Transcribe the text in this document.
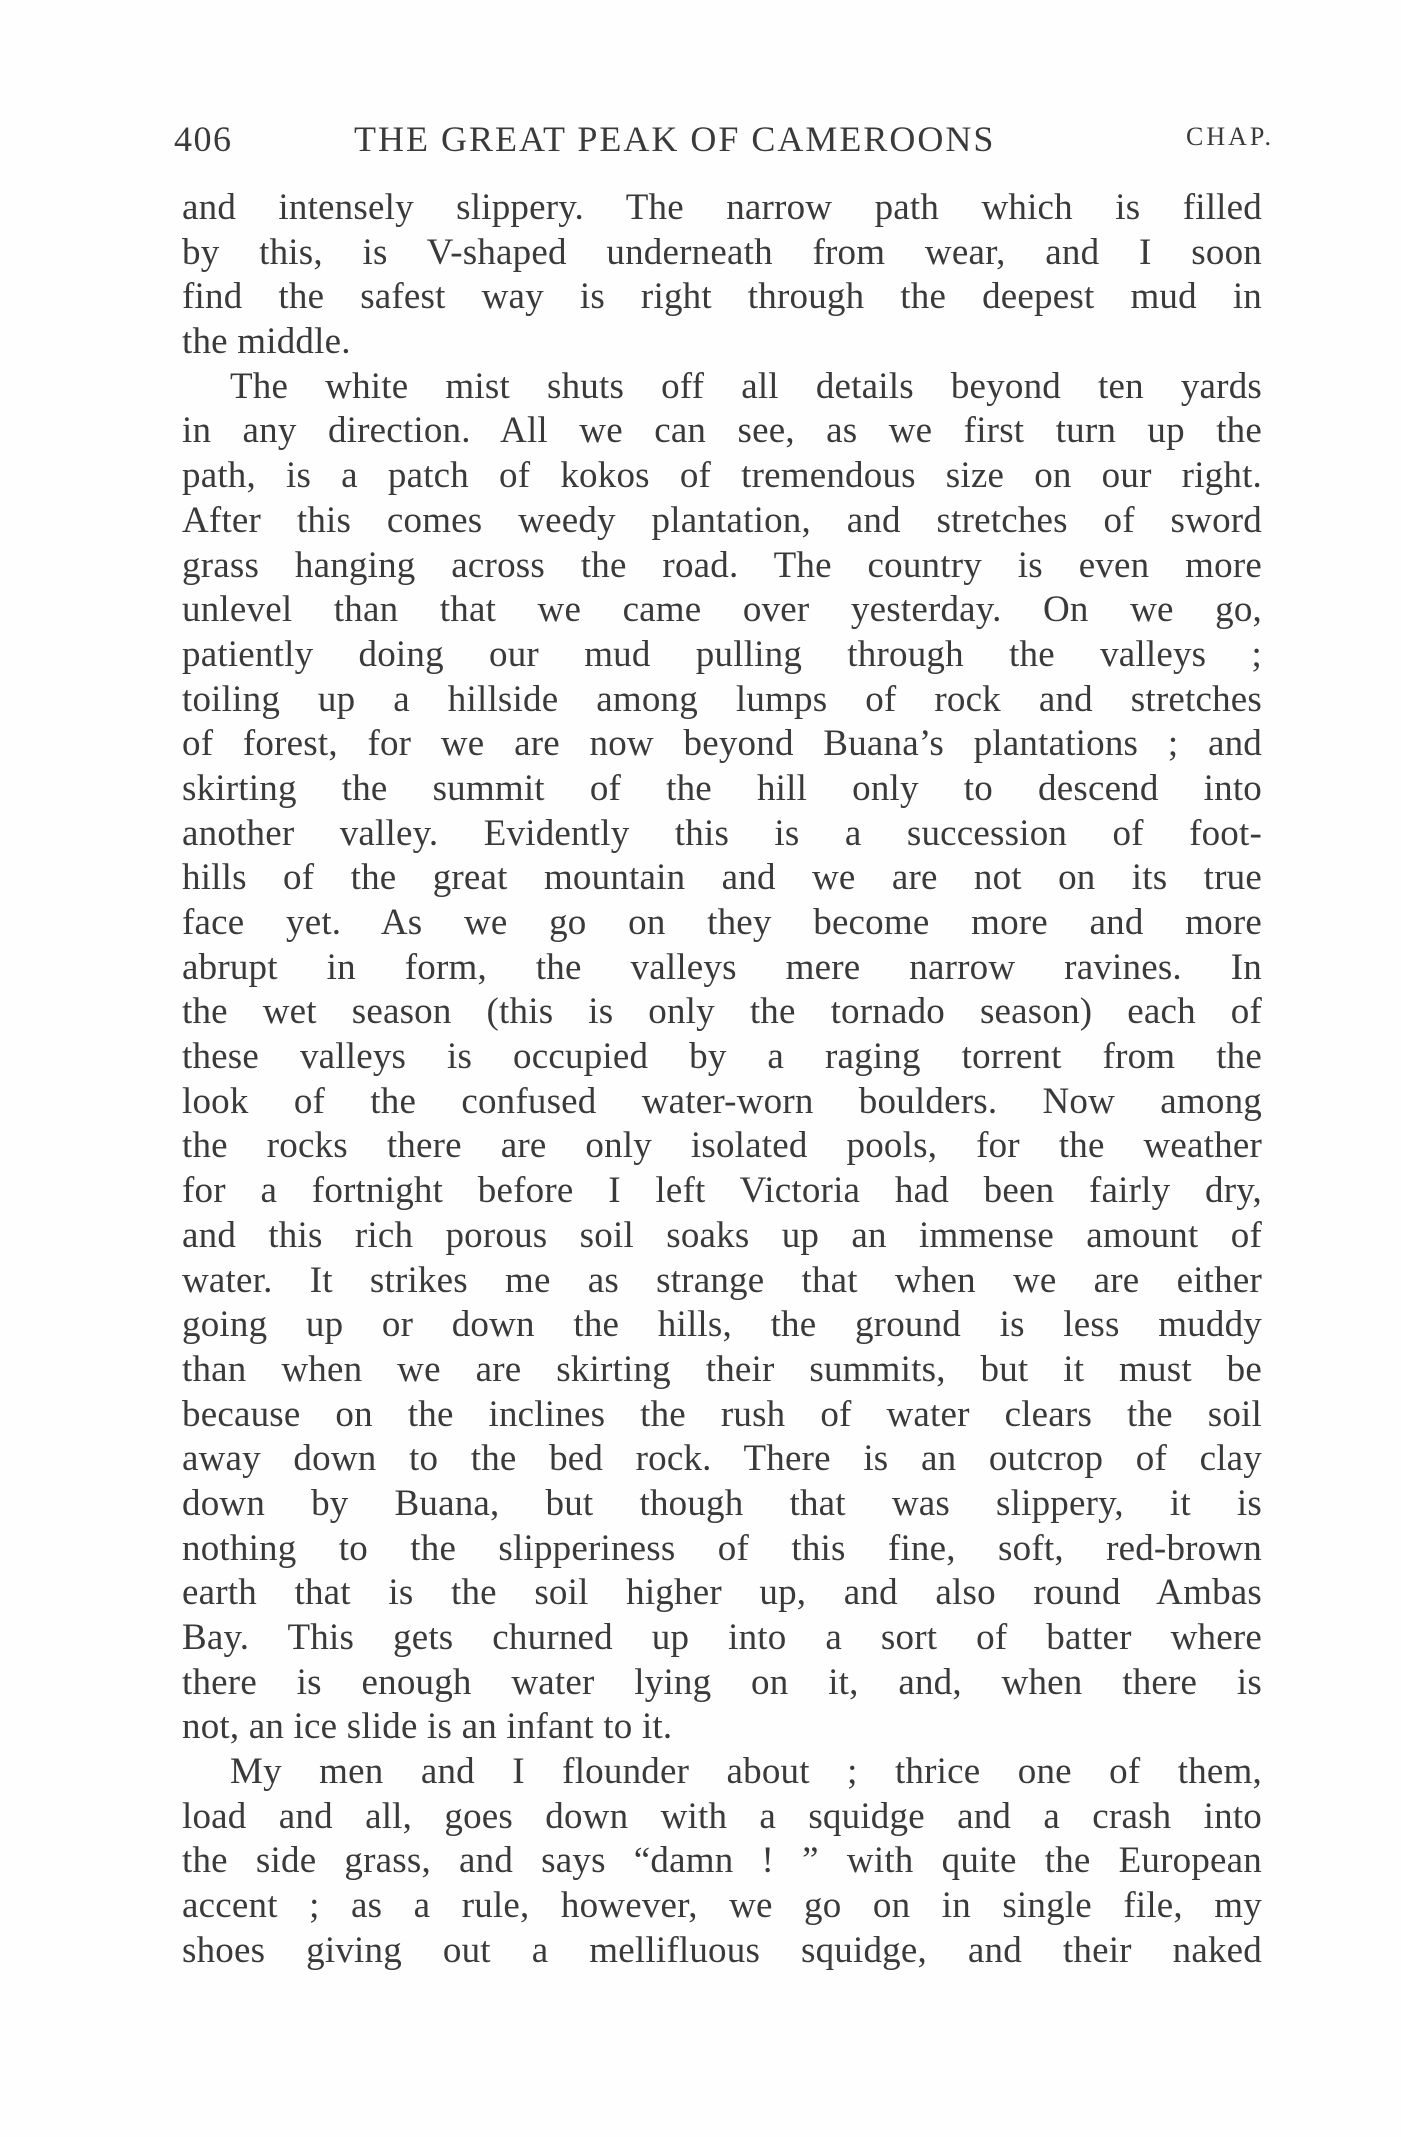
406	THE GREAT PEAK OF CAMEROONS	CHAP.
and intensely slippery. The narrow path which is filled
by this, is V-shaped underneath from wear, and I soon
find the safest way is right through the deepest mud in
the middle.
The white mist shuts off all details beyond ten yards
in any direction. All we can see, as we first turn up the
path, is a patch of kokos of tremendous size on our right.
After this comes weedy plantation, and stretches of sword
grass hanging across the road. The country is even more
unlevel than that we came over yesterday. On we go,
patiently doing our mud pulling through the valleys ;
toiling up a hillside among lumps of rock and stretches
of forest, for we are now beyond Buana’s plantations ; and
skirting the summit of the hill only to descend into
another valley. Evidently this is a succession of foot-
hills of the great mountain and we are not on its true
face yet. As we go on they become more and more
abrupt in form, the valleys mere narrow ravines. In
the wet season (this is only the tornado season) each of
these valleys is occupied by a raging torrent from the
look of the confused water-worn boulders. Now among
the rocks there are only isolated pools, for the weather
for a fortnight before I left Victoria had been fairly dry,
and this rich porous soil soaks up an immense amount of
water. It strikes me as strange that when we are either
going up or down the hills, the ground is less muddy
than when we are skirting their summits, but it must be
because on the inclines the rush of water clears the soil
away down to the bed rock. There is an outcrop of clay
down by Buana, but though that was slippery, it is
nothing to the slipperiness of this fine, soft, red-brown
earth that is the soil higher up, and also round Ambas
Bay. This gets churned up into a sort of batter where
there is enough water lying on it, and, when there is
not, an ice slide is an infant to it.
My men and I flounder about ; thrice one of them,
load and all, goes down with a squidge and a crash into
the side grass, and says “damn ! ” with quite the European
accent ; as a rule, however, we go on in single file, my
shoes giving out a mellifluous squidge, and their naked
